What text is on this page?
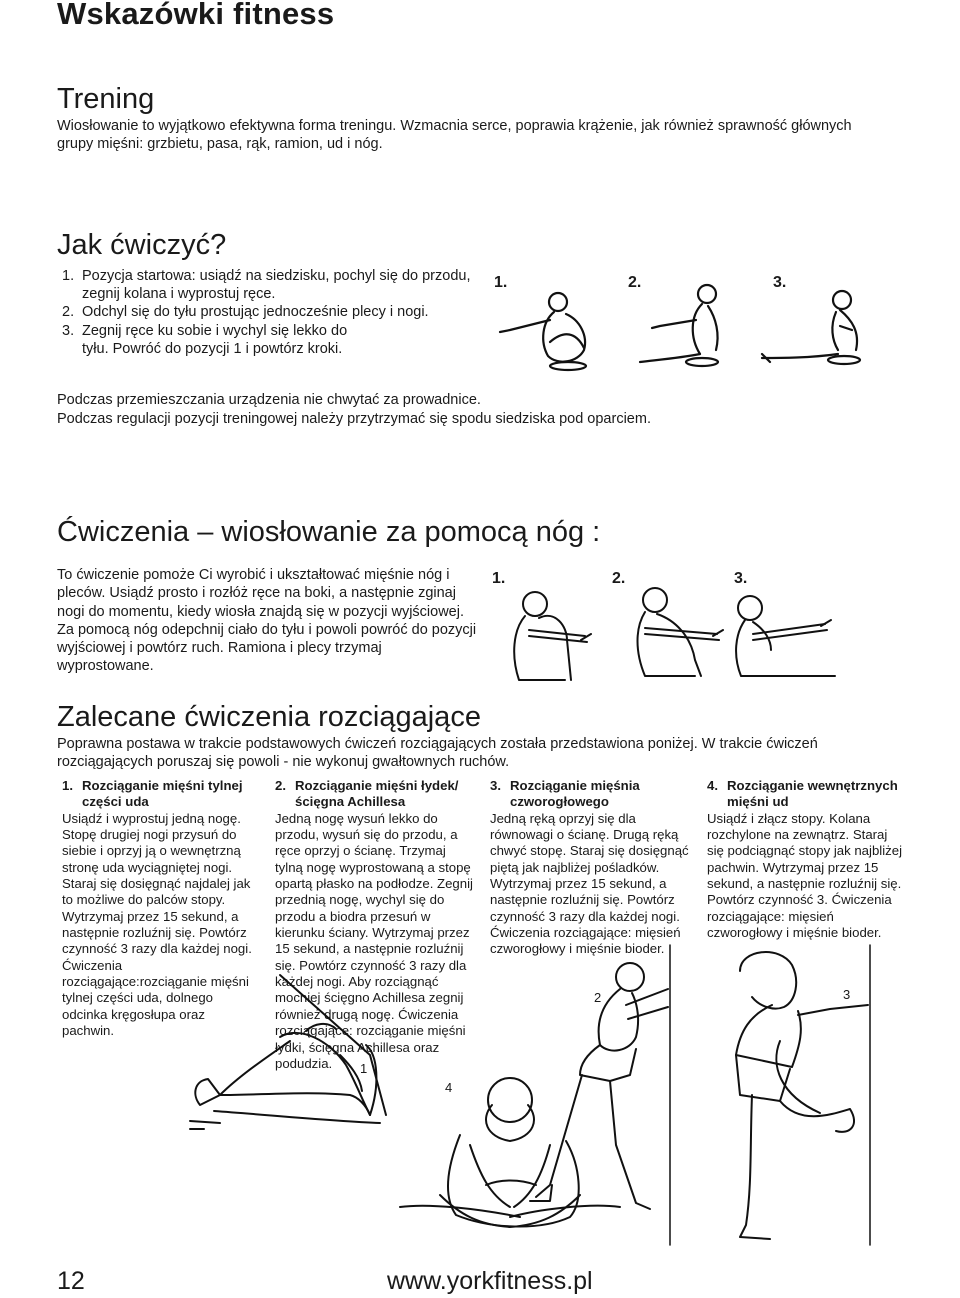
Wskazówki fitness
Trening

Wiosłowanie to wyjątkowo efektywna forma treningu. Wzmacnia serce, poprawia krążenie, jak również sprawność głównych grupy mięśni: grzbietu, pasa, rąk, ramion, ud i nóg.

Jak ćwiczyć?
1. Pozycja startowa: usiądź na siedzisku, pochyl się do przodu, zegnij kolana i wyprostuj ręce.
2. Odchyl się do tyłu prostując jednocześnie plecy i nogi.
3. Zegnij ręce ku sobie i wychyl się lekko do tyłu. Powróć do pozycji 1 i powtórz kroki.
1.	2.	3.

Podczas przemieszczania urządzenia nie chwytać za prowadnice.

Podczas regulacji pozycji treningowej należy przytrzymać się spodu siedziska pod oparciem.

Ćwiczenia – wiosłowanie za pomocą nóg :

To ćwiczenie pomoże Ci wyrobić i ukształtować mięśnie nóg i pleców. Usiądź prosto i rozłóż ręce na boki, a następnie zginaj nogi do momentu, kiedy wiosła znajdą się w pozycji wyjściowej. Za pomocą nóg odepchnij ciało do tyłu i powoli powróć do pozycji wyjściowej i powtórz ruch. Ramiona i plecy trzymaj wyprostowane.

1.	2.	3.
Zalecane ćwiczenia rozciągające

Poprawna postawa w trakcie podstawowych ćwiczeń rozciągających została przedstawiona poniżej. W trakcie ćwiczeń rozciągających poruszaj się powoli - nie wykonuj gwałtownych ruchów.

1. Rozciąganie mięśni tylnej części uda
Usiądź i wyprostuj jedną nogę. Stopę drugiej nogi przysuń do siebie i oprzyj ją o wewnętrzną stronę uda wyciągniętej nogi. Staraj się dosięgnąć najdalej jak to możliwe do palców stopy. Wytrzymaj przez 15 sekund, a następnie rozluźnij się. Powtórz czynność 3 razy dla każdej nogi. Ćwiczenia rozciągające:rozciąganie mięśni tylnej części uda, dolnego odcinka kręgosłupa oraz pachwin.
2. Rozciąganie mięśni łydek/ ścięgna Achillesa
Jedną nogę wysuń lekko do przodu, wysuń się do przodu, a ręce oprzyj o ścianę. Trzymaj tylną nogę wyprostowaną a stopę opartą płasko na podłodze. Zegnij przednią nogę, wychyl się do przodu a biodra przesuń w kierunku ściany. Wytrzymaj przez 15 sekund, a następnie rozluźnij się. Powtórz czynność 3 razy dla każdej nogi. Aby rozciągnąć mocniej ścięgno Achillesa zegnij również drugą nogę. Ćwiczenia rozciągające: rozciąganie mięśni łydki, ścięgna Achillesa oraz podudzia.
3. Rozciąganie mięśnia czworogłowego
Jedną ręką oprzyj się dla równowagi o ścianę. Drugą ręką chwyć stopę. Staraj się dosięgnąć piętą jak najbliżej pośladków. Wytrzymaj przez 15 sekund, a następnie rozluźnij się. Powtórz czynność 3 razy dla każdej nogi. Ćwiczenia rozciągające: mięsień czworogłowy i mięśnie bioder.
4. Rozciąganie wewnętrznych mięśni ud
Usiądź i złącz stopy. Kolana rozchylone na zewnątrz. Staraj się podciągnąć stopy jak najbliżej pachwin. Wytrzymaj przez 15 sekund, a następnie rozluźnij się. Powtórz czynność 3. Ćwiczenia rozciągające: mięsień czworogłowy i mięśnie bioder.
1
2	3
4
12	www.yorkfitness.pl
